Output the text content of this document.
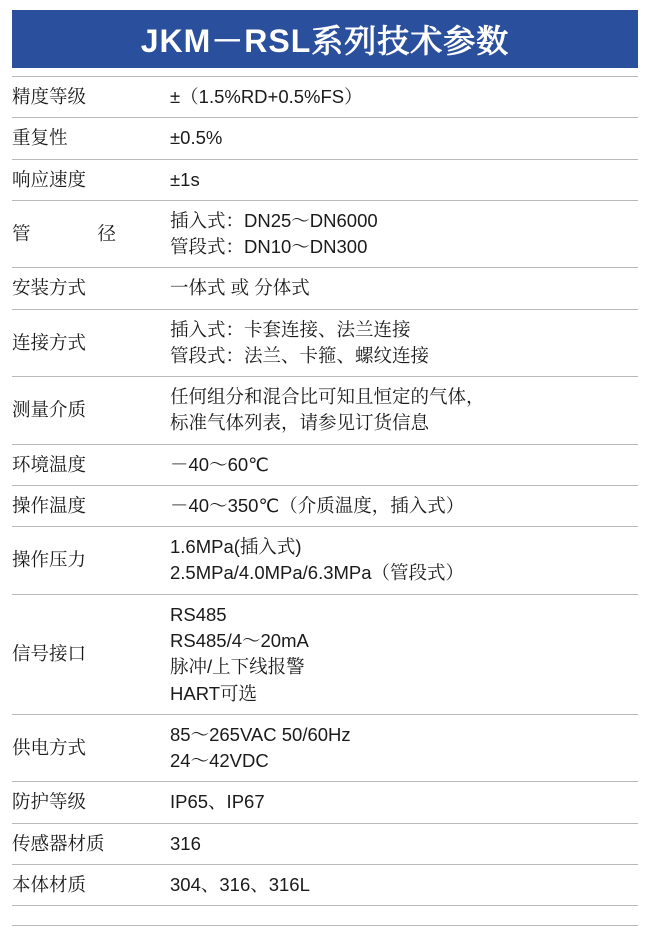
JKM－RSL系列技术参数
精度等级	±（1.5%RD+0.5%FS）

重复性	±0.5%

响应速度	±1s

管径	插入式：DN25～DN6000
管段式：DN10～DN300

安装方式	一体式 或 分体式

连接方式	插入式：卡套连接、法兰连接
管段式：法兰、卡箍、螺纹连接

测量介质	任何组分和混合比可知且恒定的气体，
标准气体列表，请参见订货信息

环境温度	－40～60℃

操作温度	－40～350℃（介质温度，插入式）

操作压力	1.6MPa(插入式)
2.5MPa/4.0MPa/6.3MPa（管段式）

信号接口	RS485
RS485/4～20mA
脉冲/上下线报警
HART可选

供电方式	85～265VAC 50/60Hz
24～42VDC

防护等级	IP65、IP67

传感器材质	316

本体材质	304、316、316L
